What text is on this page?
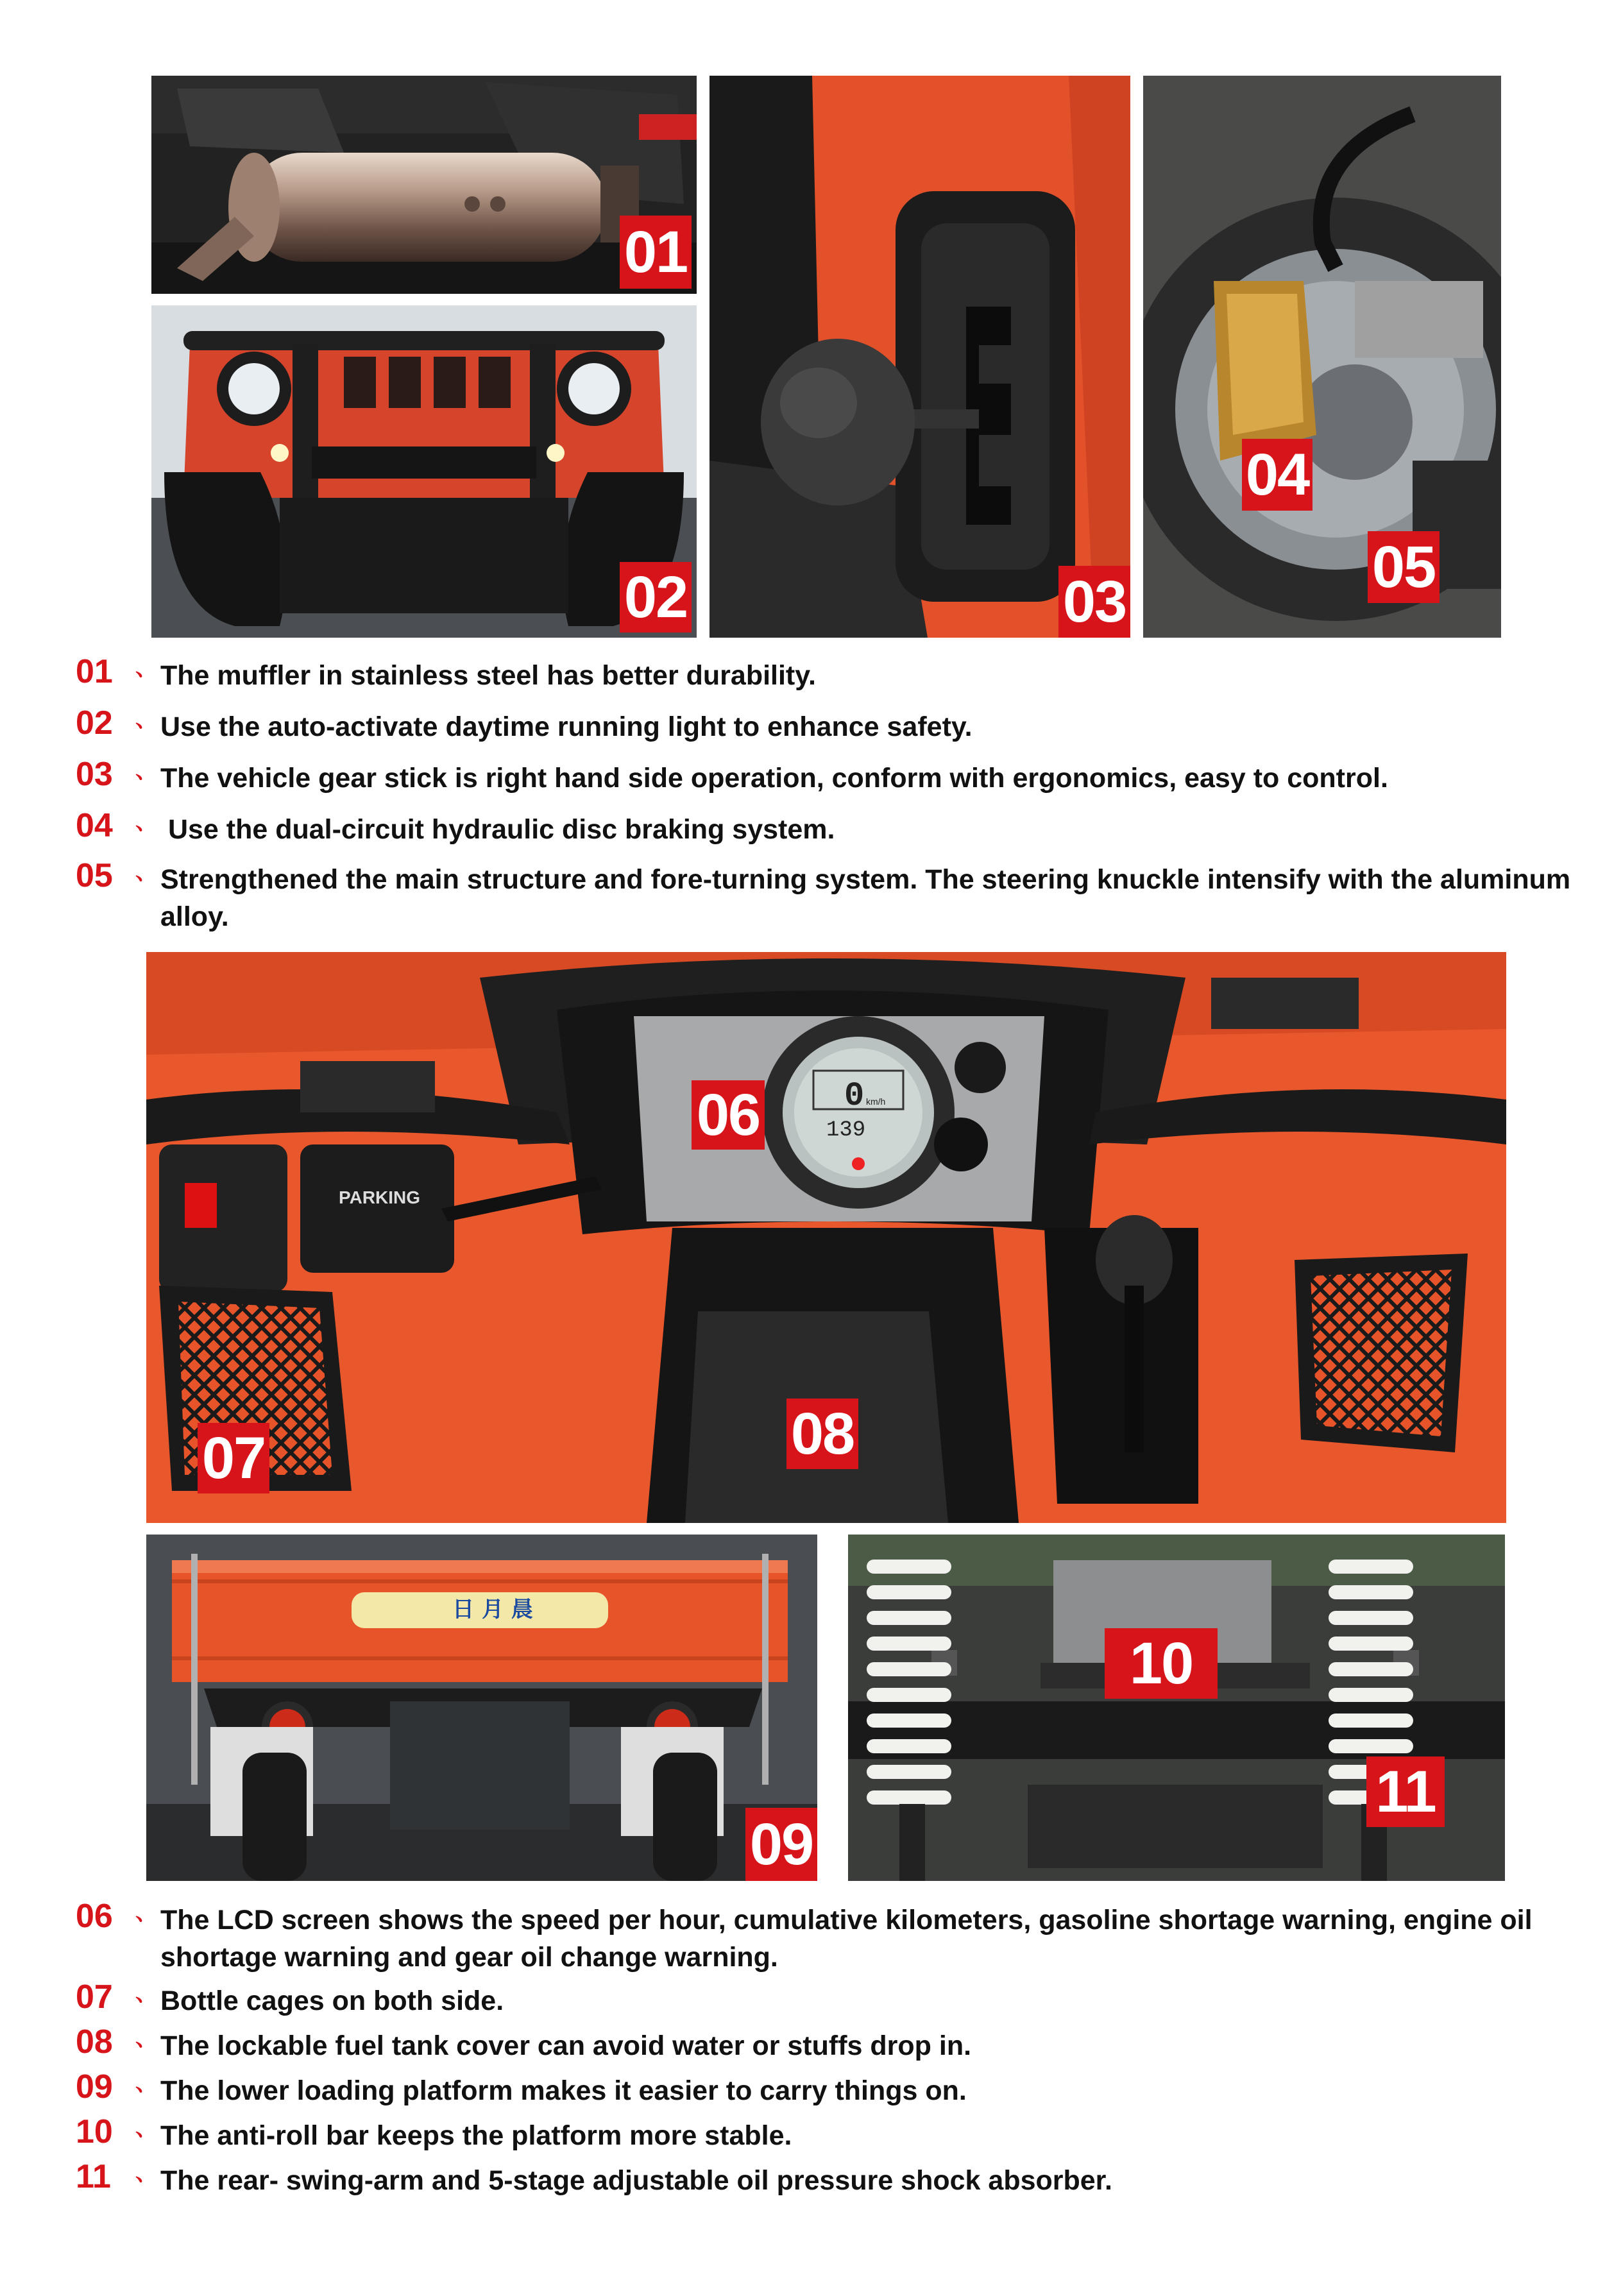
01
02	03
04
05
01 、 The muffler in stainless steel has better durability.
02 、 Use the auto-activate daytime running light to enhance safety.
03 、 The vehicle gear stick is right hand side operation, conform with ergonomics, easy to control.
04 、 Use the dual-circuit hydraulic disc braking system.
05 、 Strengthened the main structure and fore-turning system. The steering knuckle intensify with the aluminum alloy.
0 km/h
139
PARKING
06
07	08
日 月 晨
09
10
11
06 、 The LCD screen shows the speed per hour, cumulative kilometers, gasoline shortage warning, engine oil shortage warning and gear oil change warning.
07 、 Bottle cages on both side.
08 、 The lockable fuel tank cover can avoid water or stuffs drop in.
09 、 The lower loading platform makes it easier to carry things on.
10 、 The anti-roll bar keeps the platform more stable.
11 、 The rear- swing-arm and 5-stage adjustable oil pressure shock absorber.
